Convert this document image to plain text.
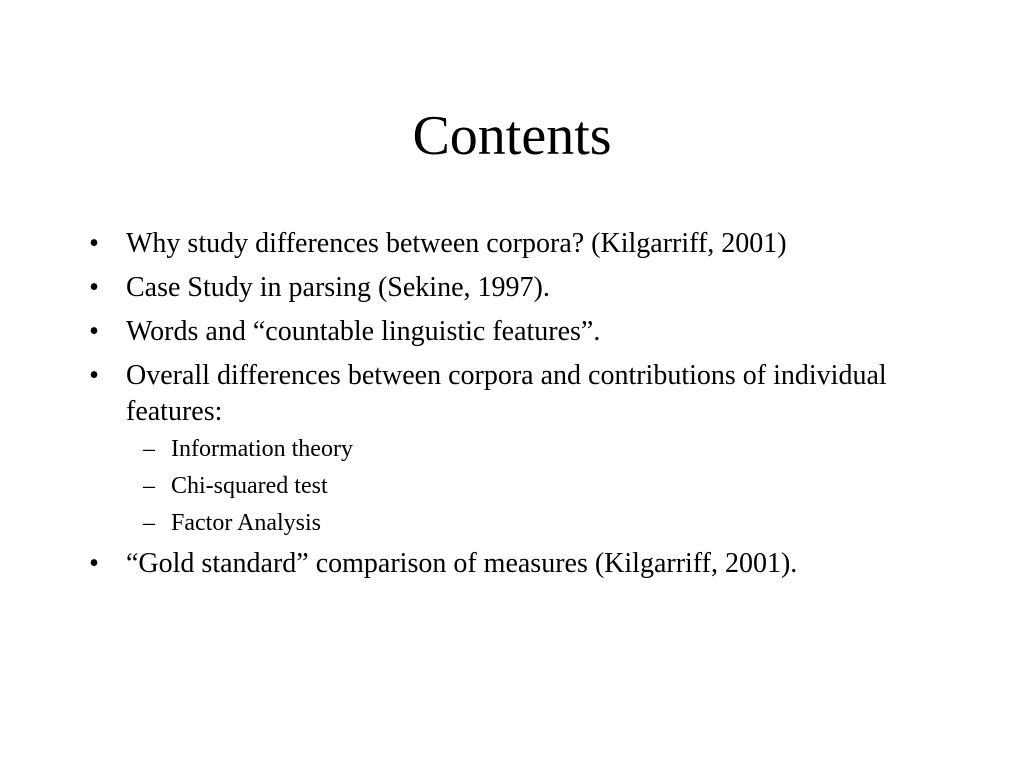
Contents
• Why study differences between corpora? (Kilgarriff, 2001)
• Case Study in parsing (Sekine, 1997).
• Words and “countable linguistic features”.
• Overall differences between corpora and contributions of individual features:
– Information theory
– Chi-squared test
– Factor Analysis
• “Gold standard” comparison of measures (Kilgarriff, 2001).
